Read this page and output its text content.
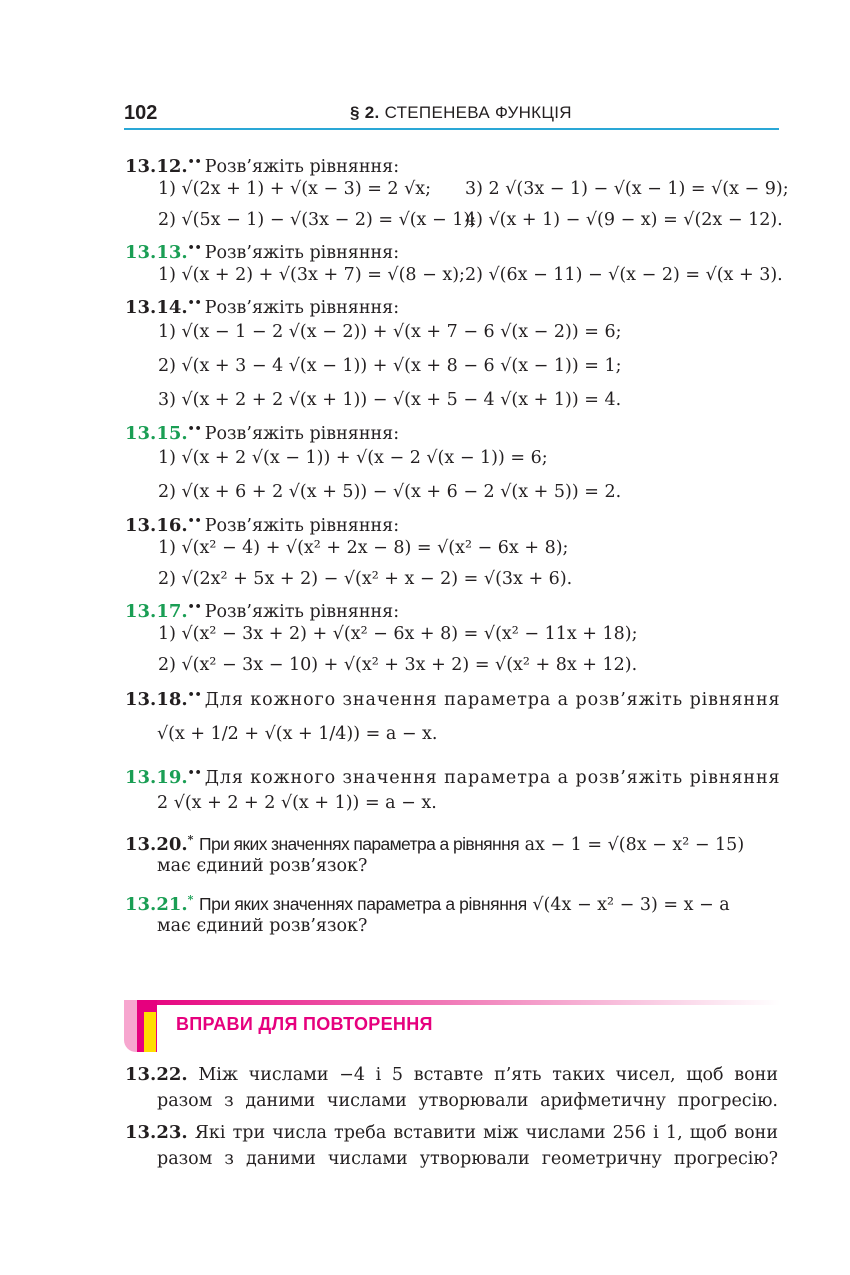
102	§ 2. СТЕПЕНЕВА ФУНКЦІЯ
13.12.•• Розв’яжіть рівняння:
1) √(2x + 1) + √(x − 3) = 2 √x; 3) 2 √(3x − 1) − √(x − 1) = √(x − 9);
2) √(5x − 1) − √(3x − 2) = √(x − 1);
4) √(x + 1) − √(9 − x) = √(2x − 12).
13.13.•• Розв’яжіть рівняння:
1) √(x + 2) + √(3x + 7) = √(8 − x); 2) √(6x − 11) − √(x − 2) = √(x + 3).
13.14.•• Розв’яжіть рівняння:
1) √(x − 1 − 2 √(x − 2)) + √(x + 7 − 6 √(x − 2)) = 6;
2) √(x + 3 − 4 √(x − 1)) + √(x + 8 − 6 √(x − 1)) = 1;
3) √(x + 2 + 2 √(x + 1)) − √(x + 5 − 4 √(x + 1)) = 4.
13.15.•• Розв’яжіть рівняння:
1) √(x + 2 √(x − 1)) + √(x − 2 √(x − 1)) = 6;
2) √(x + 6 + 2 √(x + 5)) − √(x + 6 − 2 √(x + 5)) = 2.
13.16.•• Розв’яжіть рівняння:
1) √(x² − 4) + √(x² + 2x − 8) = √(x² − 6x + 8);
2) √(2x² + 5x + 2) − √(x² + x − 2) = √(3x + 6).
13.17.•• Розв’яжіть рівняння:
1) √(x² − 3x + 2) + √(x² − 6x + 8) = √(x² − 11x + 18);
2) √(x² − 3x − 10) + √(x² + 3x + 2) = √(x² + 8x + 12).
13.18.•• Для кожного значення параметра a розв’яжіть рівняння
√(x + 1/2 + √(x + 1/4)) = a − x.
13.19.•• Для кожного значення параметра a розв’яжіть рівняння
2 √(x + 2 + 2 √(x + 1)) = a − x.
13.20.* При яких значеннях параметра a рівняння ax − 1 = √(8x − x² − 15)
має єдиний розв’язок?
13.21.* При яких значеннях параметра a рівняння √(4x − x² − 3) = x − a
має єдиний розв’язок?
ВПРАВИ ДЛЯ ПОВТОРЕННЯ
13.22. Між числами −4 і 5 вставте п’ять таких чисел, щоб вони
разом з даними числами утворювали арифметичну прогресію.
13.23. Які три числа треба вставити між числами 256 і 1, щоб вони
разом з даними числами утворювали геометричну прогресію?
